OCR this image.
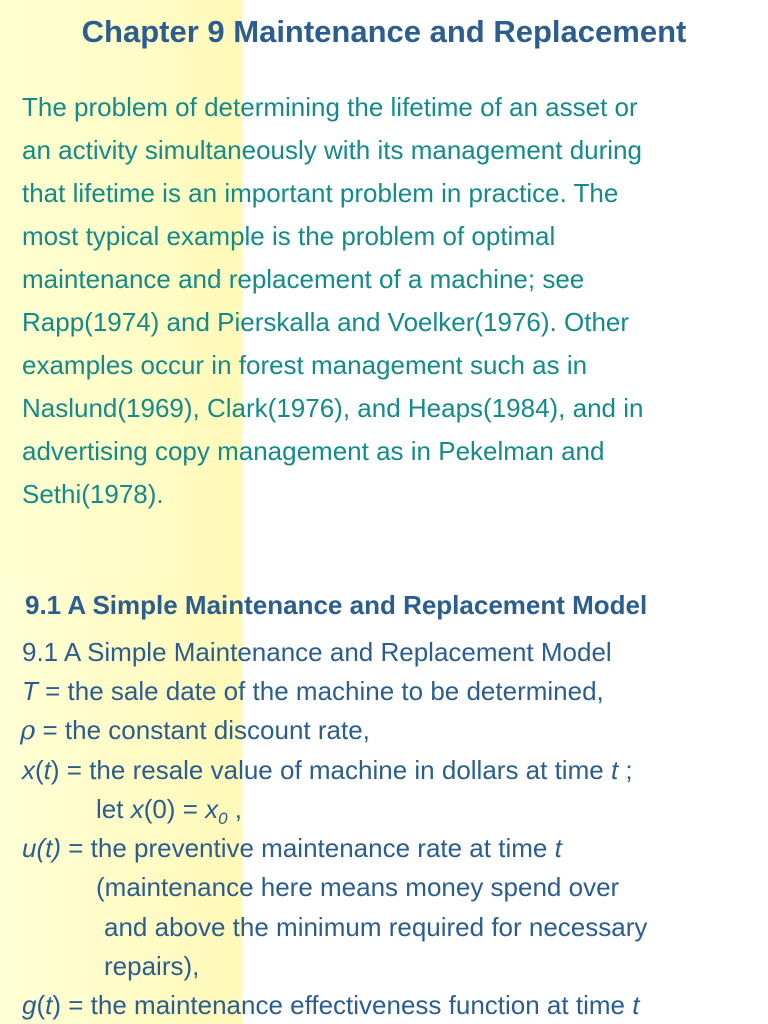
Chapter 9 Maintenance and Replacement
The problem of determining the lifetime of an asset or
an activity simultaneously with its management during
that lifetime is an important problem in practice. The
most typical example is the problem of optimal
maintenance and replacement of a machine; see
Rapp(1974) and Pierskalla and Voelker(1976). Other
examples occur in forest management such as in
Naslund(1969), Clark(1976), and Heaps(1984), and in
advertising copy management as in Pekelman and
Sethi(1978).
9.1 A Simple Maintenance and Replacement Model
9.1 A Simple Maintenance and Replacement Model
T = the sale date of the machine to be determined,
ρ = the constant discount rate,
x(t) = the resale value of machine in dollars at time t ;
let $x(0) = x_0$ ,
u(t) = the preventive maintenance rate at time t
(maintenance here means money spend over
and above the minimum required for necessary
repairs),
g(t) = the maintenance effectiveness function at time t
